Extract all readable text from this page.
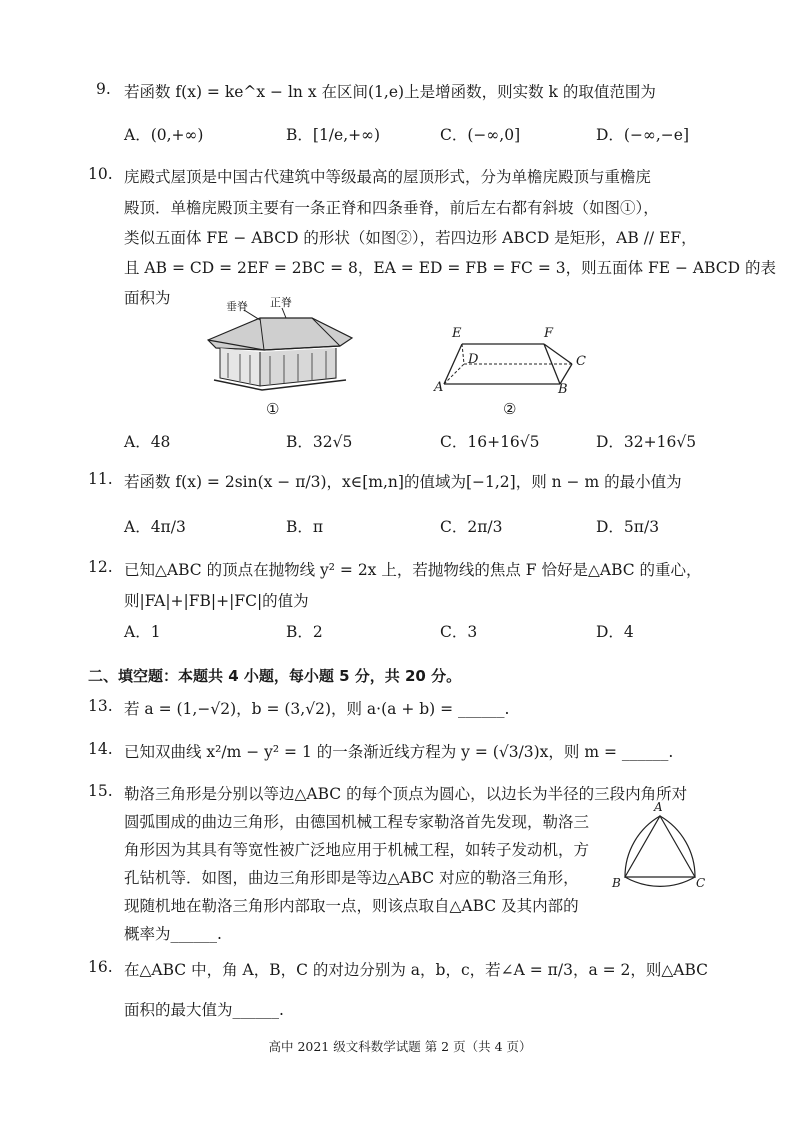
9. 若函数 f(x) = ke^x − ln x 在区间(1,e)上是增函数，则实数 k 的取值范围为
A．(0,+∞)	B．[1/e,+∞)	C．(−∞,0]	D．(−∞,−e]
10. 庑殿式屋顶是中国古代建筑中等级最高的屋顶形式，分为单檐庑殿顶与重檐庑
殿顶．单檐庑殿顶主要有一条正脊和四条垂脊，前后左右都有斜坡（如图①），
类似五面体 FE − ABCD 的形状（如图②），若四边形 ABCD 是矩形，AB // EF，
且 AB = CD = 2EF = 2BC = 8，EA = ED = FB = FC = 3，则五面体 FE − ABCD 的表
面积为	垂脊 正脊
①
E	F
D	C
A	B
②
A．48	B．32√5	C．16+16√5	D．32+16√5
11. 若函数 f(x) = 2sin(x − π/3)，x∈[m,n]的值域为[−1,2]，则 n − m 的最小值为
A．4π/3	B．π	C．2π/3	D．5π/3
12. 已知△ABC 的顶点在抛物线 y² = 2x 上，若抛物线的焦点 F 恰好是△ABC 的重心，
则|FA|+|FB|+|FC|的值为
A．1	B．2	C．3	D．4
二、填空题：本题共 4 小题，每小题 5 分，共 20 分。
13. 若 a = (1,−√2)，b = (3,√2)，则 a·(a + b) = ______.
14. 已知双曲线 x²/m − y² = 1 的一条渐近线方程为 y = (√3/3)x，则 m = ______.
15. 勒洛三角形是分别以等边△ABC 的每个顶点为圆心，以边长为半径的三段内角所对
圆弧围成的曲边三角形，由德国机械工程专家勒洛首先发现，勒洛三
角形因为其具有等宽性被广泛地应用于机械工程，如转子发动机，方
孔钻机等．如图，曲边三角形即是等边△ABC 对应的勒洛三角形，
现随机地在勒洛三角形内部取一点，则该点取自△ABC 及其内部的
概率为______.
A
B	C
16. 在△ABC 中，角 A，B，C 的对边分别为 a，b，c，若∠A = π/3，a = 2，则△ABC
面积的最大值为______.
高中 2021 级文科数学试题 第 2 页（共 4 页）
